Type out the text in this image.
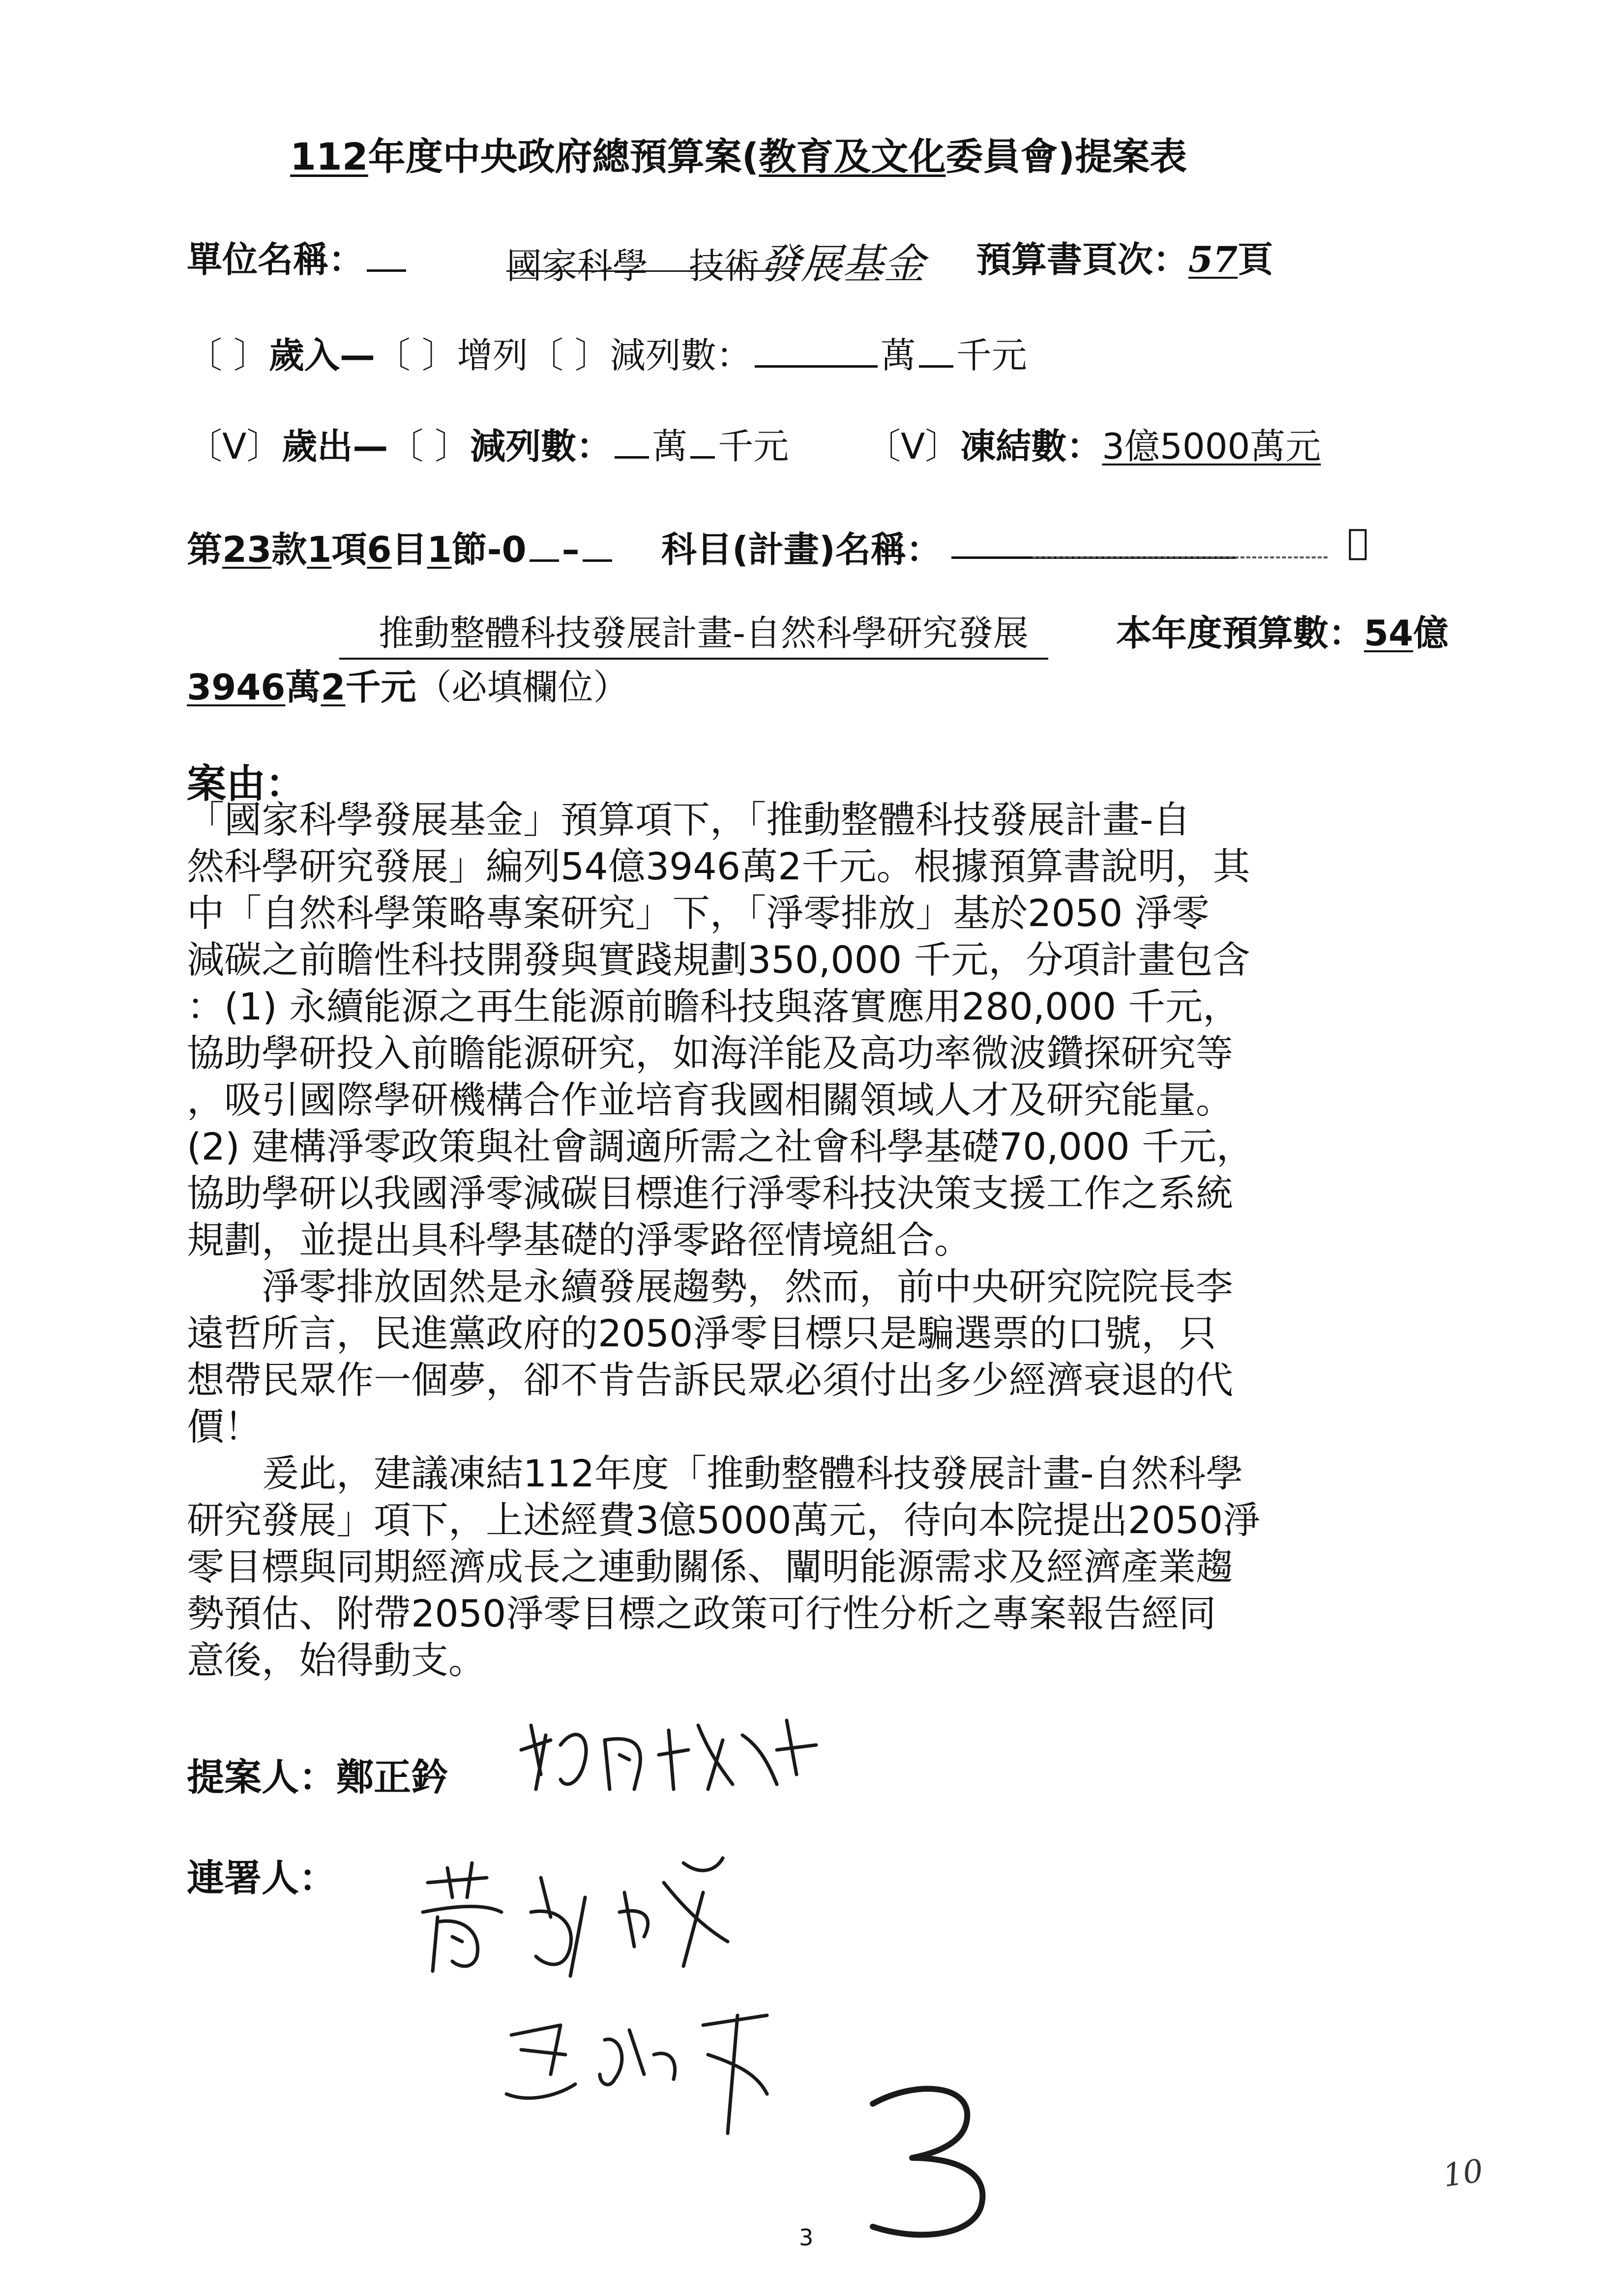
112年度中央政府總預算案(教育及文化委員會)提案表
單位名稱：	國家科學 技術發展基金 預算書頁次：57頁
〔 〕歲入—〔 〕增列〔 〕減列數：	萬 千元
〔V〕歲出—〔 〕減列數： 萬 千元 〔V〕凍結數：3億5000萬元
第23款1項6目1節-0 –	科目(計畫)名稱：	𠃧
推動整體科技發展計畫-自然科學研究發展	本年度預算數：54億
3946萬2千元（必填欄位）
案由：
「國家科學發展基金」預算項下，「推動整體科技發展計畫-自
然科學研究發展」編列54億3946萬2千元。根據預算書說明，其
中「自然科學策略專案研究」下，「淨零排放」基於2050 淨零
減碳之前瞻性科技開發與實踐規劃350,000 千元，分項計畫包含
：(1) 永續能源之再生能源前瞻科技與落實應用280,000 千元，
協助學研投入前瞻能源研究，如海洋能及高功率微波鑽探研究等
，吸引國際學研機構合作並培育我國相關領域人才及研究能量。
(2) 建構淨零政策與社會調適所需之社會科學基礎70,000 千元，
協助學研以我國淨零減碳目標進行淨零科技決策支援工作之系統
規劃，並提出具科學基礎的淨零路徑情境組合。
　　淨零排放固然是永續發展趨勢，然而，前中央研究院院長李
遠哲所言，民進黨政府的2050淨零目標只是騙選票的口號，只
想帶民眾作一個夢，卻不肯告訴民眾必須付出多少經濟衰退的代
價！
　　爰此，建議凍結112年度「推動整體科技發展計畫-自然科學
研究發展」項下，上述經費3億5000萬元，待向本院提出2050淨
零目標與同期經濟成長之連動關係、闡明能源需求及經濟產業趨
勢預估、附帶2050淨零目標之政策可行性分析之專案報告經同
意後，始得動支。
提案人：鄭正鈐
連署人：
3
10
